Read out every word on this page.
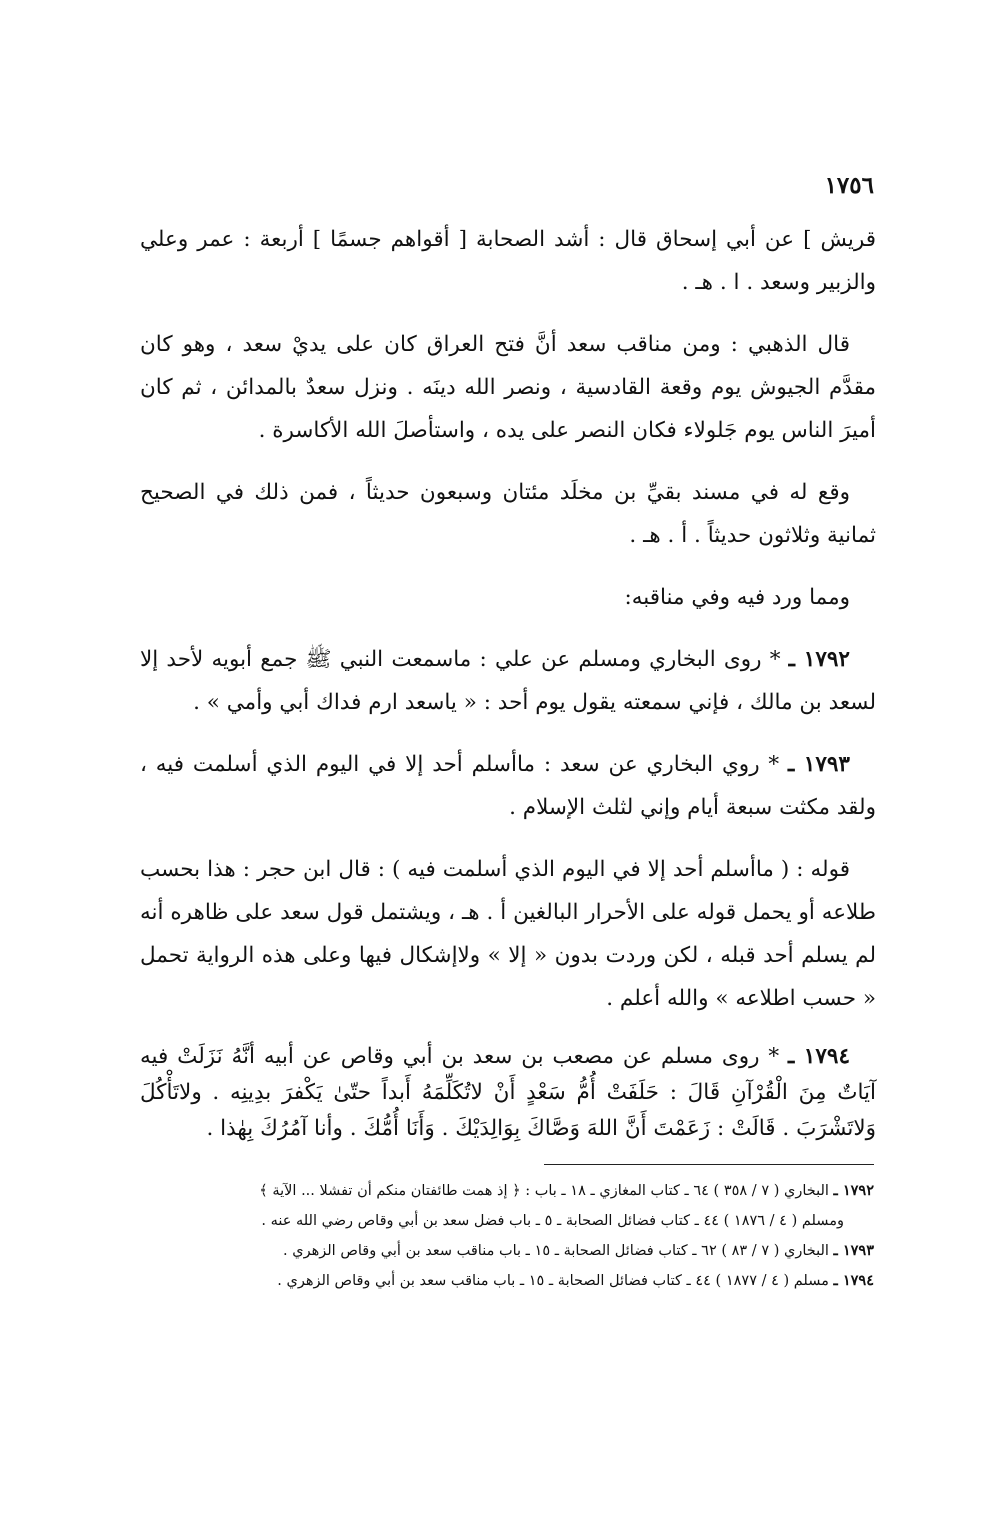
١٧٥٦

قريش ] عن أبي إسحاق قال : أشد الصحابة [ أقواهم جسمًا ] أربعة : عمر وعلي والزبير وسعد . ا . هـ .

قال الذهبي : ومن مناقب سعد أنَّ فتح العراق كان على يديْ سعد ، وهو كان مقدَّم الجيوش يوم وقعة القادسية ، ونصر الله دينَه . ونزل سعدٌ بالمدائن ، ثم كان أميرَ الناس يوم جَلولاء فكان النصر على يده ، واستأصلَ الله الأكاسرة .

وقع له في مسند بقيِّ بن مخلَد مئتان وسبعون حديثاً ، فمن ذلك في الصحيح ثمانية وثلاثون حديثاً . أ . هـ .

ومما ورد فيه وفي مناقبه:

١٧٩٢ ـ * روى البخاري ومسلم عن علي : ماسمعت النبي ﷺ جمع أبويه لأحد إلا لسعد بن مالك ، فإني سمعته يقول يوم أحد : « ياسعد ارم فداك أبي وأمي » .

١٧٩٣ ـ * روي البخاري عن سعد : ماأسلم أحد إلا في اليوم الذي أسلمت فيه ، ولقد مكثت سبعة أيام وإني لثلث الإسلام .

قوله : ( ماأسلم أحد إلا في اليوم الذي أسلمت فيه ) : قال ابن حجر : هذا بحسب طلاعه أو يحمل قوله على الأحرار البالغين أ . هـ ، ويشتمل قول سعد على ظاهره أنه لم يسلم أحد قبله ، لكن وردت بدون « إلا » ولاإشكال فيها وعلى هذه الرواية تحمل « حسب اطلاعه » والله أعلم .

١٧٩٤ ـ * روى مسلم عن مصعب بن سعد بن أبي وقاص عن أبيه أنَّهُ نَزَلَتْ فيه آيَاتٌ مِنَ الْقُرْآنِ قَالَ : حَلَفَتْ أُمُّ سَعْدٍ أَنْ لاتُكَلِّمَهُ أَبداً حتّىٰ يَكْفرَ بدِينِه . ولاتَأْكُلَ وَلاتَشْرَبَ . قَالَتْ : زَعَمْتَ أَنَّ اللهَ وَصَّاكَ بِوَالِدَيْكَ . وَأَنَا أُمُّكَ . وأنا آمُرُكَ بِهٰذا .

١٧٩٢ ـ البخاري ( ٧ / ٣٥٨ ) ٦٤ ـ كتاب المغازي ـ ١٨ ـ باب : ﴿ إذ همت طائفتان منكم أن تفشلا ... الآية ﴾

ومسلم ( ٤ / ١٨٧٦ ) ٤٤ ـ كتاب فضائل الصحابة ـ ٥ ـ باب فضل سعد بن أبي وقاص رضي الله عنه .

١٧٩٣ ـ البخاري ( ٧ / ٨٣ ) ٦٢ ـ كتاب فضائل الصحابة ـ ١٥ ـ باب مناقب سعد بن أبي وقاص الزهري .

١٧٩٤ ـ مسلم ( ٤ / ١٨٧٧ ) ٤٤ ـ كتاب فضائل الصحابة ـ ١٥ ـ باب مناقب سعد بن أبي وقاص الزهري .
